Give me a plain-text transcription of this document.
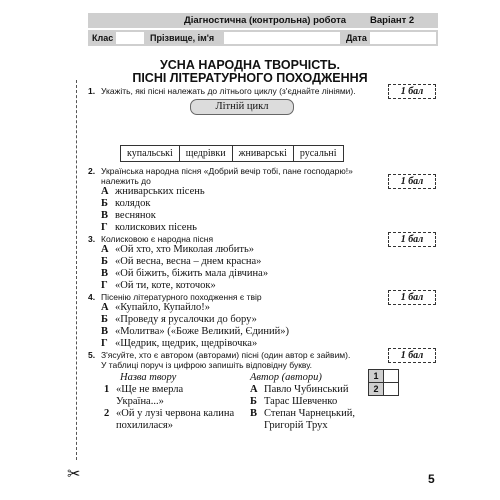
Діагностична (контрольна) робота	Варіант 2
Клас	Прізвище, ім'я	Дата
УСНА НАРОДНА ТВОРЧІСТЬ.
ПІСНІ ЛІТЕРАТУРНОГО ПОХОДЖЕННЯ
✂
1. Укажіть, які пісні належать до літнього циклу (з'єднайте лініями).	1 бал
Літній цикл
купальські	щедрівки	жниварські	русальні
2. Українська народна пісня «Добрий вечір тобі, пане господарю!»
належить до	1 бал
А жниварських пісень
Б колядок
В веснянок
Г колискових пісень
3. Колисковою є народна пісня	1 бал
А «Ой хто, хто Миколая любить»
Б «Ой весна, весна – днем красна»
В «Ой біжить, біжить мала дівчина»
Г «Ой ти, коте, коточок»
4. Пісенію літературного походження є твір	1 бал
А «Купайло, Купайло!»
Б «Проведу я русалочки до бору»
В «Молитва» («Боже Великий, Єдиний»)
Г «Щедрик, щедрик, щедрівочка»
5. З'ясуйте, хто є автором (авторами) пісні (один автор є зайвим).
У таблиці поруч із цифрою запишіть відповідну букву.
1 бал
Назва твору	Автор (автори)
1 «Ще не вмерла
Україна...»
2 «Ой у лузі червона калина
похилилася»
А Павло Чубинський
Б Тарас Шевченко
В Степан Чарнецький,
Григорій Трух
1	
2	
5
